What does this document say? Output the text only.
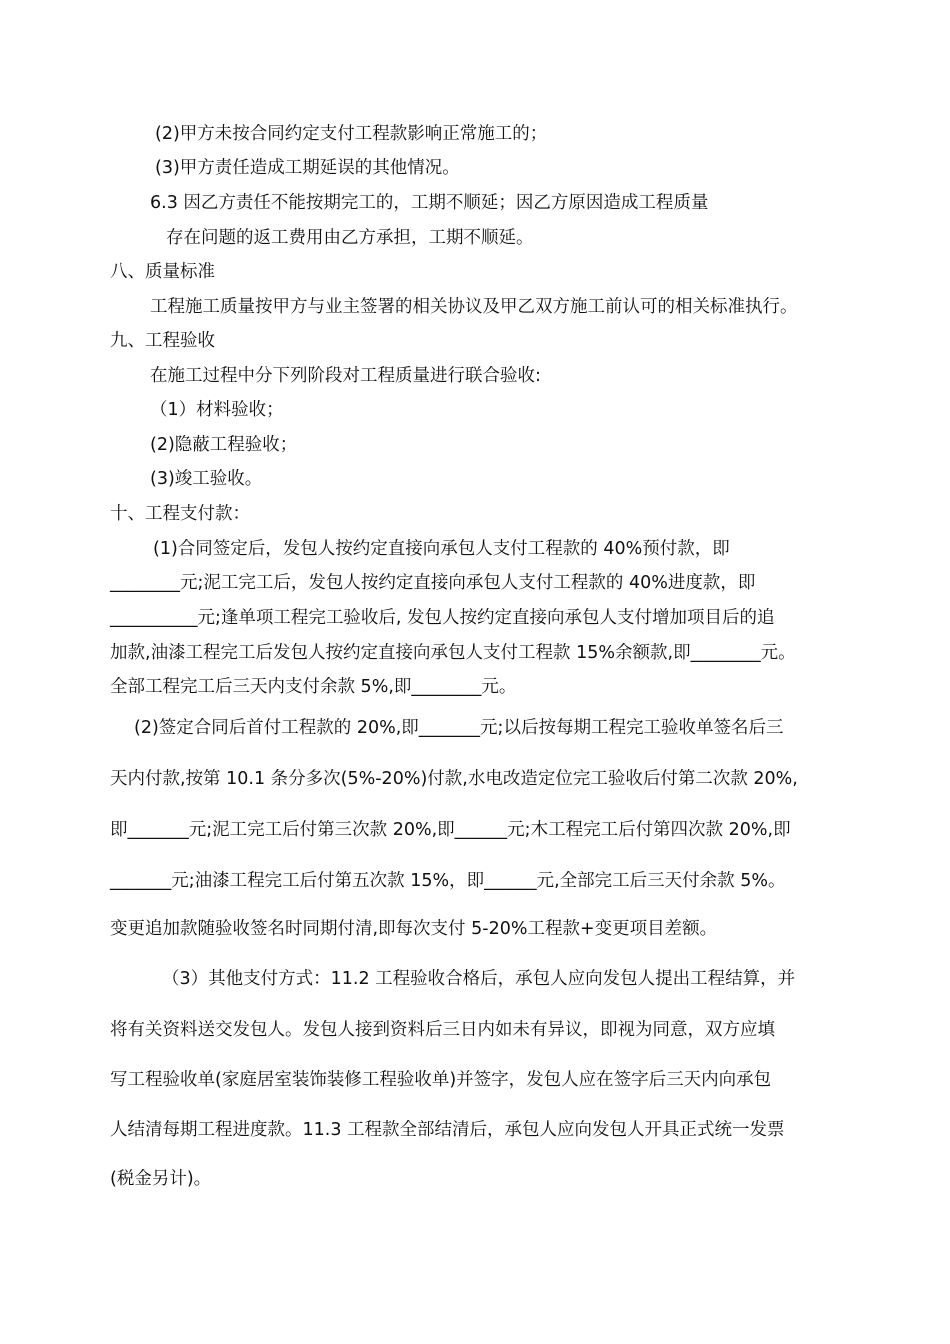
(2)甲方未按合同约定支付工程款影响正常施工的；

(3)甲方责任造成工期延误的其他情况。

6.3 因乙方责任不能按期完工的，工期不顺延；因乙方原因造成工程质量

存在问题的返工费用由乙方承担，工期不顺延。

八、质量标准

工程施工质量按甲方与业主签署的相关协议及甲乙双方施工前认可的相关标准执行。

九、工程验收

在施工过程中分下列阶段对工程质量进行联合验收:

（1）材料验收；

(2)隐蔽工程验收；

(3)竣工验收。

十、工程支付款：

(1)合同签定后，发包人按约定直接向承包人支付工程款的 40%预付款，即

________元;泥工完工后，发包人按约定直接向承包人支付工程款的 40%进度款，即

__________元;逢单项工程完工验收后, 发包人按约定直接向承包人支付增加项目后的追

加款,油漆工程完工后发包人按约定直接向承包人支付工程款 15%余额款,即________元。

全部工程完工后三天内支付余款 5%,即________元。

(2)签定合同后首付工程款的 20%,即_______元;以后按每期工程完工验收单签名后三

天内付款,按第 10.1 条分多次(5%-20%)付款,水电改造定位完工验收后付第二次款 20%,

即_______元;泥工完工后付第三次款 20%,即______元;木工程完工后付第四次款 20%,即

_______元;油漆工程完工后付第五次款 15%，即______元,全部完工后三天付余款 5%。

变更追加款随验收签名时同期付清,即每次支付 5-20%工程款+变更项目差额。

（3）其他支付方式：11.2 工程验收合格后，承包人应向发包人提出工程结算，并

将有关资料送交发包人。发包人接到资料后三日内如未有异议，即视为同意，双方应填

写工程验收单(家庭居室装饰装修工程验收单)并签字，发包人应在签字后三天内向承包

人结清每期工程进度款。11.3 工程款全部结清后，承包人应向发包人开具正式统一发票

(税金另计)。
